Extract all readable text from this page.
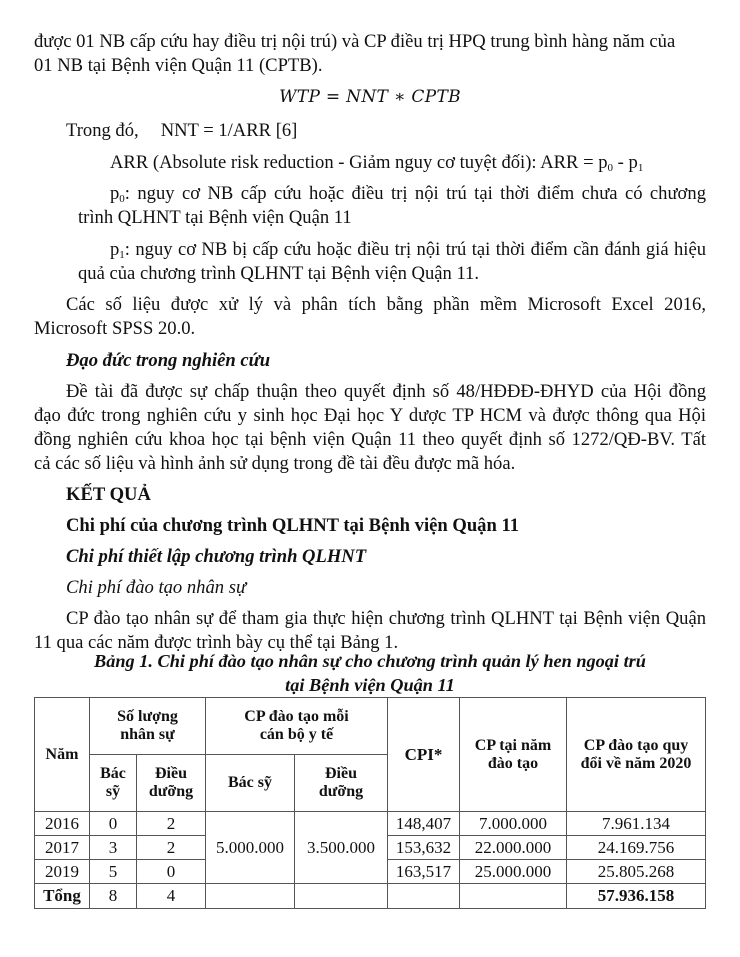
được 01 NB cấp cứu hay điều trị nội trú) và CP điều trị HPQ trung bình hàng năm của
01 NB tại Bệnh viện Quận 11 (CPTB).
WTP = NNT ∗ CPTB
Trong đó, NNT = 1/ARR [6]
ARR (Absolute risk reduction - Giảm nguy cơ tuyệt đối): ARR = $p_0 - p_1$
$p_0$: nguy cơ NB cấp cứu hoặc điều trị nội trú tại thời điểm chưa có chương
trình QLHNT tại Bệnh viện Quận 11
$p_1$: nguy cơ NB bị cấp cứu hoặc điều trị nội trú tại thời điểm cần đánh giá hiệu
quả của chương trình QLHNT tại Bệnh viện Quận 11.
Các số liệu được xử lý và phân tích bằng phần mềm Microsoft Excel 2016,
Microsoft SPSS 20.0.
Đạo đức trong nghiên cứu
Đề tài đã được sự chấp thuận theo quyết định số 48/HĐĐĐ-ĐHYD của Hội đồng
đạo đức trong nghiên cứu y sinh học Đại học Y dược TP HCM và được thông qua Hội
đồng nghiên cứu khoa học tại bệnh viện Quận 11 theo quyết định số 1272/QĐ-BV. Tất
cả các số liệu và hình ảnh sử dụng trong đề tài đều được mã hóa.
KẾT QUẢ
Chi phí của chương trình QLHNT tại Bệnh viện Quận 11
Chi phí thiết lập chương trình QLHNT
Chi phí đào tạo nhân sự
CP đào tạo nhân sự để tham gia thực hiện chương trình QLHNT tại Bệnh viện Quận
11 qua các năm được trình bày cụ thể tại Bảng 1.
Bảng 1. Chi phí đào tạo nhân sự cho chương trình quản lý hen ngoại trú
tại Bệnh viện Quận 11
Năm	Số lượng nhân sự		CP đào tạo mỗi cán bộ y tế		CPI*	CP tại năm đào tạo	CP đào tạo quy đổi về năm 2020
	Bác sỹ	Điều dưỡng	Bác sỹ	Điều dưỡng			
2016	0	2	5.000.000	3.500.000	148,407	7.000.000	7.961.134
2017	3	2			153,632	22.000.000	24.169.756
2019	5	0			163,517	25.000.000	25.805.268
Tổng	8	4					57.936.158
